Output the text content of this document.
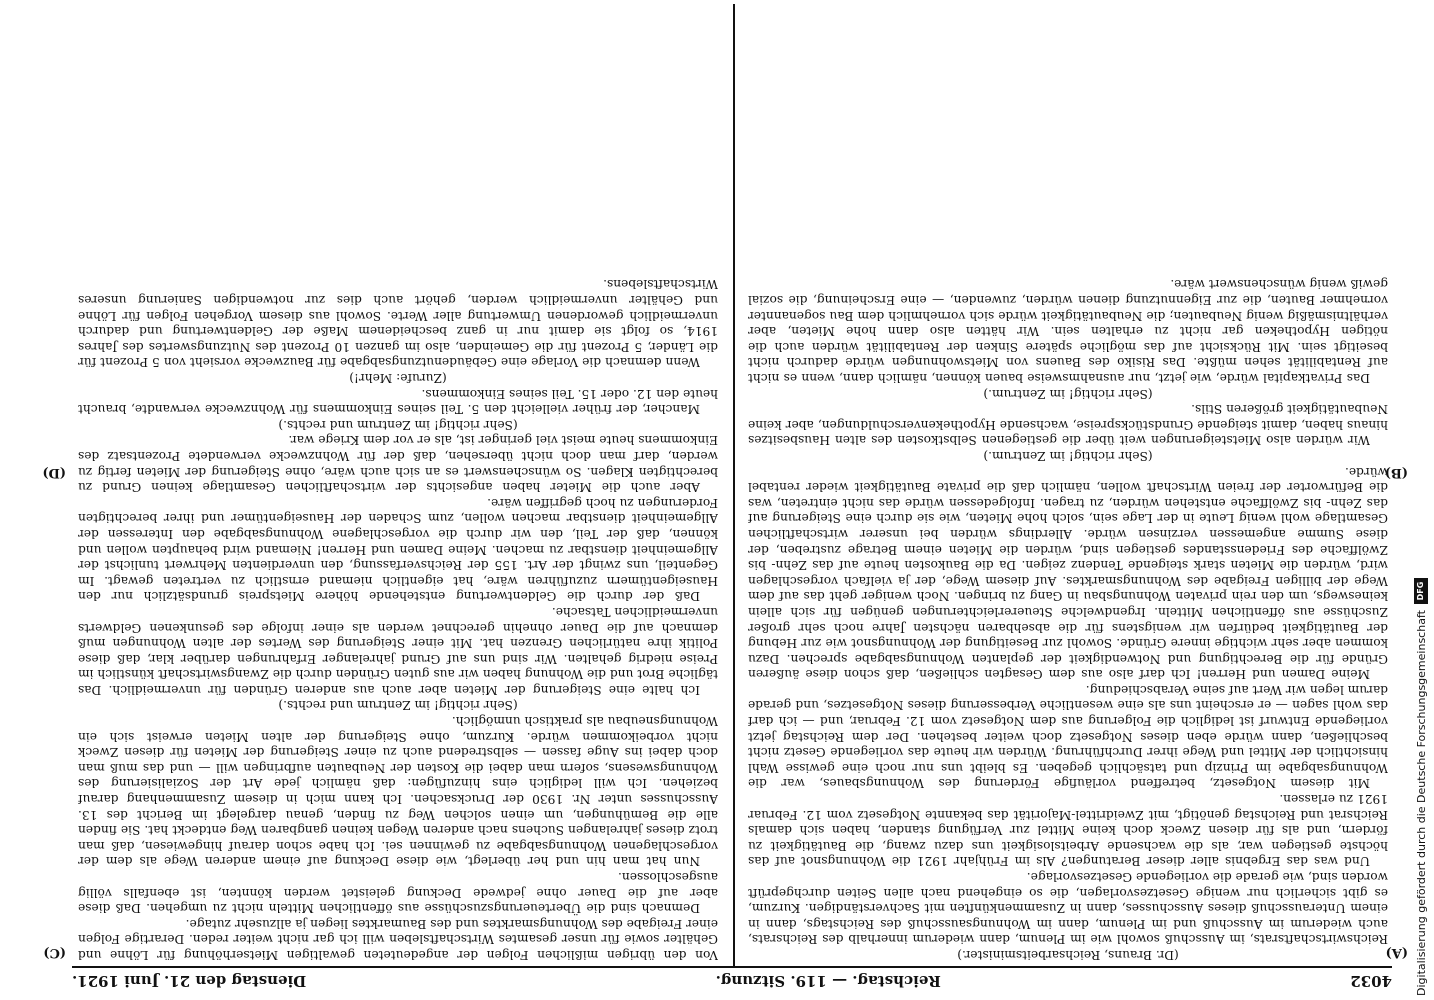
4032
Reichstag. — 119. Sitzung.
Dienstag den 21. Juni 1921.
(A)
(B)
(C)
(D)

(Dr. Brauns, Reichsarbeitsminister.)

Reichswirtschaftsrats, im Ausschuß sowohl wie im Plenum, dann wiederum innerhalb des Reichsrats, auch wiederum im Ausschuß und im Plenum, dann im Wohnungsausschuß des Reichstags, dann in einem Unterausschuß dieses Ausschusses, dann in Zusammenkünften mit Sachverständigen. Kurzum, es gibt sicherlich nur wenige Gesetzesvorlagen, die so eingehend nach allen Seiten durchgeprüft worden sind, wie gerade die vorliegende Gesetzesvorlage.

Und was das Ergebnis aller dieser Beratungen? Als im Frühjahr 1921 die Wohnungsnot auf das höchste gestiegen war, als die wachsende Arbeitslosigkeit uns dazu zwang, die Bautätigkeit zu fördern, und als für diesen Zweck doch keine Mittel zur Verfügung standen, haben sich damals Reichsrat und Reichstag genötigt, mit Zweidrittel-Majorität das bekannte Notgesetz vom 12. Februar 1921 zu erlassen.

Mit diesem Notgesetz, betreffend vorläufige Förderung des Wohnungsbaues, war die Wohnungsabgabe im Prinzip und tatsächlich gegeben. Es bleibt uns nur noch eine gewisse Wahl hinsichtlich der Mittel und Wege ihrer Durchführung. Würden wir heute das vorliegende Gesetz nicht beschließen, dann würde eben dieses Notgesetz doch weiter bestehen. Der dem Reichstag jetzt vorliegende Entwurf ist lediglich die Folgerung aus dem Notgesetz vom 12. Februar, und — ich darf das wohl sagen — er erscheint uns als eine wesentliche Verbesserung dieses Notgesetzes, und gerade darum legen wir Wert auf seine Verabschiedung.

Meine Damen und Herren! Ich darf also aus dem Gesagten schließen, daß schon diese äußeren Gründe für die Berechtigung und Notwendigkeit der geplanten Wohnungsabgabe sprechen. Dazu kommen aber sehr wichtige innere Gründe. Sowohl zur Beseitigung der Wohnungsnot wie zur Hebung der Bautätigkeit bedürfen wir wenigstens für die absehbaren nächsten Jahre noch sehr großer Zuschüsse aus öffentlichen Mitteln. Irgendwelche Steuererleichterungen genügen für sich allein keineswegs, um den rein privaten Wohnungsbau in Gang zu bringen. Noch weniger geht das auf dem Wege der billigen Freigabe des Wohnungsmarktes. Auf diesem Wege, der ja vielfach vorgeschlagen wird, würden die Mieten stark steigende Tendenz zeigen. Da die Baukosten heute auf das Zehn- bis Zwölffache des Friedensstandes gestiegen sind, würden die Mieten einem Betrage zustreben, der diese Summe angemessen verzinsen würde. Allerdings würden bei unserer wirtschaftlichen Gesamtlage wohl wenig Leute in der Lage sein, solch hohe Mieten, wie sie durch eine Steigerung auf das Zehn- bis Zwölffache entstehen würden, zu tragen. Infolgedessen würde das nicht eintreten, was die Befürworter der freien Wirtschaft wollen, nämlich daß die private Bautätigkeit wieder rentabel würde.

(Sehr richtig! im Zentrum.)

Wir würden also Mietsteigerungen weit über die gestiegenen Selbstkosten des alten Hausbesitzes hinaus haben, damit steigende Grundstückspreise, wachsende Hypothekenverschuldungen, aber keine Neubautätigkeit größeren Stils.

(Sehr richtig! im Zentrum.)

Das Privatkapital würde, wie jetzt, nur ausnahmsweise bauen können, nämlich dann, wenn es nicht auf Rentabilität sehen müßte. Das Risiko des Bauens von Mietswohnungen würde dadurch nicht beseitigt sein. Mit Rücksicht auf das mögliche spätere Sinken der Rentabilität würden auch die nötigen Hypotheken gar nicht zu erhalten sein. Wir hätten also dann hohe Mieten, aber verhältnismäßig wenig Neubauten; die Neubautätigkeit würde sich vornehmlich dem Bau sogenannter vornehmer Bauten, die zur Eigennutzung dienen würden, zuwenden, — eine Erscheinung, die sozial gewiß wenig wünschenswert wäre.

Von den übrigen mißlichen Folgen der angedeuteten gewaltigen Mietserhöhung für Löhne und Gehälter sowie für unser gesamtes Wirtschaftsleben will ich gar nicht weiter reden. Derartige Folgen einer Freigabe des Wohnungsmarktes und des Baumarktes liegen ja allzusehr zutage.

Demnach sind die Überteuerungszuschüsse aus öffentlichen Mitteln nicht zu umgehen. Daß diese aber auf die Dauer ohne jedwede Deckung geleistet werden könnten, ist ebenfalls völlig ausgeschlossen.

Nun hat man hin und her überlegt, wie diese Deckung auf einem anderen Wege als dem der vorgeschlagenen Wohnungsabgabe zu gewinnen sei. Ich habe schon darauf hingewiesen, daß man trotz dieses jahrelangen Suchens nach anderen Wegen keinen gangbaren Weg entdeckt hat. Sie finden alle die Bemühungen, um einen solchen Weg zu finden, genau dargelegt im Bericht des 13. Ausschusses unter Nr. 1930 der Drucksachen. Ich kann mich in diesem Zusammenhang darauf beziehen. Ich will lediglich eins hinzufügen: daß nämlich jede Art der Sozialisierung des Wohnungswesens, sofern man dabei die Kosten der Neubauten aufbringen will — und das muß man doch dabei ins Auge fassen — selbstredend auch zu einer Steigerung der Mieten für diesen Zweck nicht vorbeikommen würde. Kurzum, ohne Steigerung der alten Mieten erweist sich ein Wohnungsneubau als praktisch unmöglich.

(Sehr richtig! im Zentrum und rechts.)

Ich halte eine Steigerung der Mieten aber auch aus anderen Gründen für unvermeidlich. Das tägliche Brot und die Wohnung haben wir aus guten Gründen durch die Zwangswirtschaft künstlich im Preise niedrig gehalten. Wir sind uns auf Grund jahrelanger Erfahrungen darüber klar, daß diese Politik ihre natürlichen Grenzen hat. Mit einer Steigerung des Wertes der alten Wohnungen muß demnach auf die Dauer ohnehin gerechnet werden als einer infolge des gesunkenen Geldwerts unvermeidlichen Tatsache.

Daß der durch die Geldentwertung entstehende höhere Mietspreis grundsätzlich nur den Hauseigentümern zuzuführen wäre, hat eigentlich niemand ernstlich zu vertreten gewagt. Im Gegenteil, uns zwingt der Art. 155 der Reichsverfassung, den unverdienten Mehrwert tunlichst der Allgemeinheit dienstbar zu machen. Meine Damen und Herren! Niemand wird behaupten wollen und können, daß der Teil, den wir durch die vorgeschlagene Wohnungsabgabe den Interessen der Allgemeinheit dienstbar machen wollen, zum Schaden der Hauseigentümer und ihrer berechtigten Forderungen zu hoch gegriffen wäre.

Aber auch die Mieter haben angesichts der wirtschaftlichen Gesamtlage keinen Grund zu berechtigten Klagen. So wünschenswert es an sich auch wäre, ohne Steigerung der Mieten fertig zu werden, darf man doch nicht übersehen, daß der für Wohnzwecke verwendete Prozentsatz des Einkommens heute meist viel geringer ist, als er vor dem Kriege war.

(Sehr richtig! im Zentrum und rechts.)

Mancher, der früher vielleicht den 5. Teil seines Einkommens für Wohnzwecke verwandte, braucht heute den 12. oder 15. Teil seines Einkommens.

(Zurufe: Mehr!)

Wenn demnach die Vorlage eine Gebäudenutzungsabgabe für Bauzwecke vorsieht von 5 Prozent für die Länder, 5 Prozent für die Gemeinden, also im ganzen 10 Prozent des Nutzungswertes des Jahres 1914, so folgt sie damit nur in ganz bescheidenem Maße der Geldentwertung und dadurch unvermeidlich gewordenen Umwertung aller Werte. Sowohl aus diesem Vorgehen Folgen für Löhne und Gehälter unvermeidlich werden, gehört auch dies zur notwendigen Sanierung unseres Wirtschaftslebens.

Digitalisierung gefördert durch die Deutsche Forschungsgemeinschaft
DFG
